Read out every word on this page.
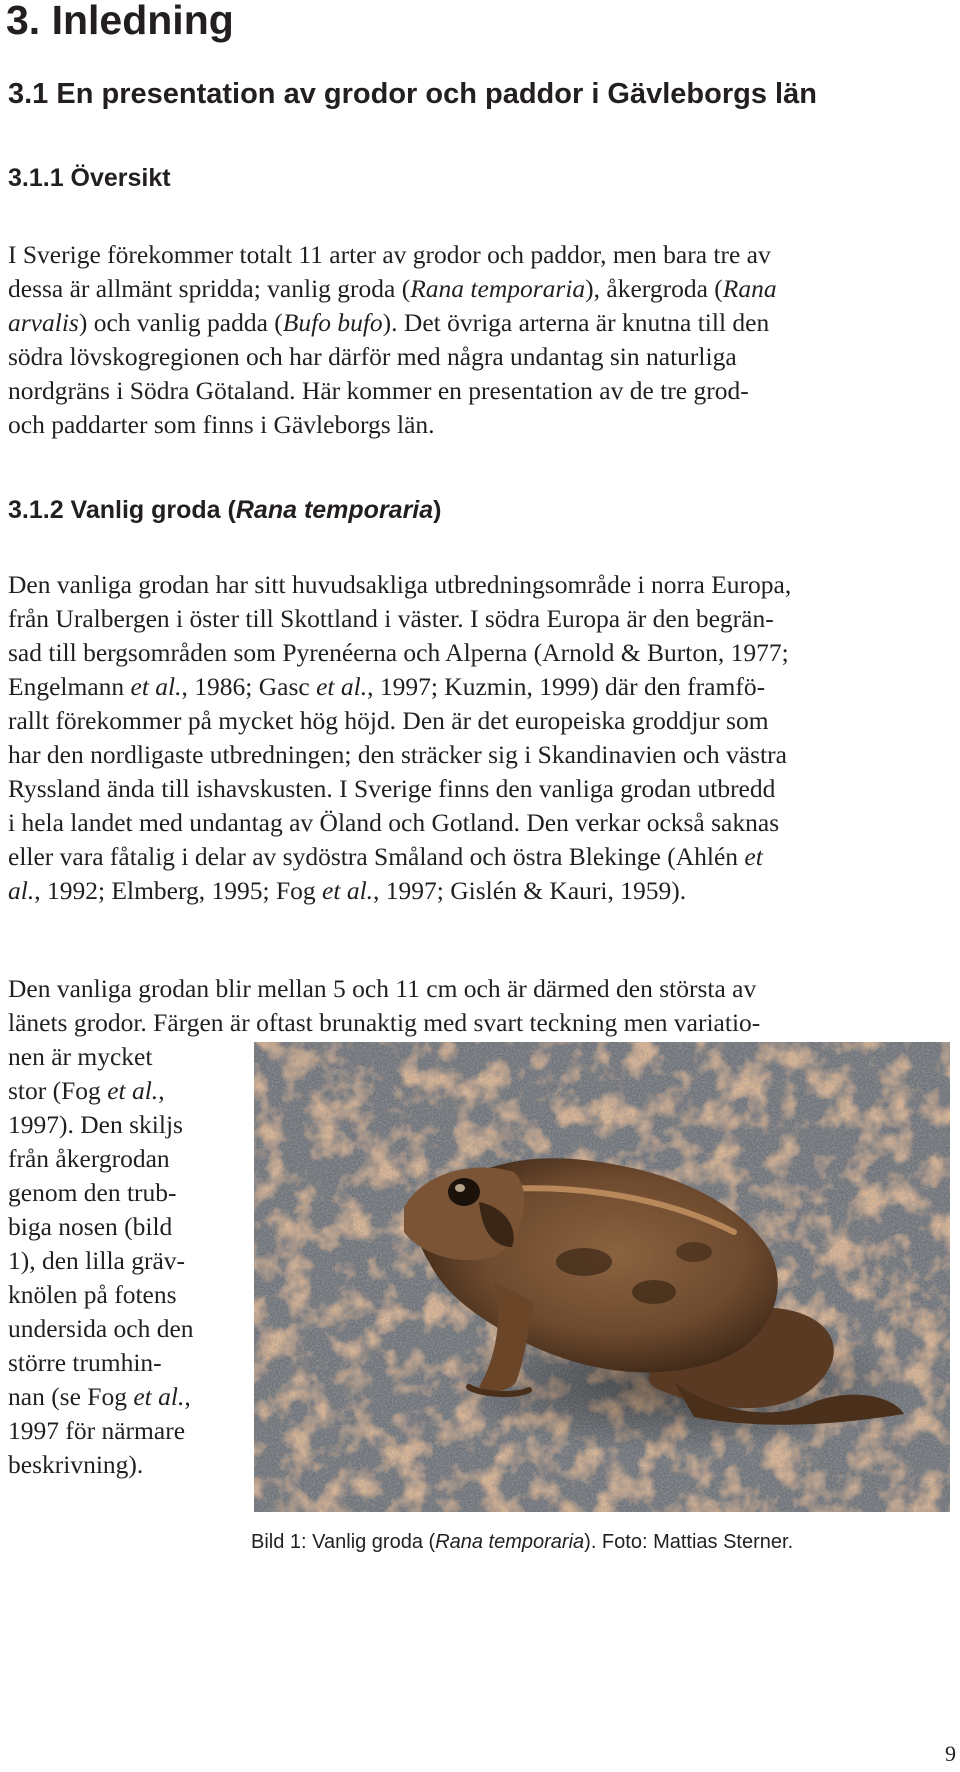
3. Inledning
3.1 En presentation av grodor och paddor i Gävleborgs län
3.1.1 Översikt
I Sverige förekommer totalt 11 arter av grodor och paddor, men bara tre av
dessa är allmänt spridda; vanlig groda (Rana temporaria), åkergroda (Rana
arvalis) och vanlig padda (Bufo bufo). Det övriga arterna är knutna till den
södra lövskogregionen och har därför med några undantag sin naturliga
nordgräns i Södra Götaland. Här kommer en presentation av de tre grod-
och paddarter som finns i Gävleborgs län.
3.1.2 Vanlig groda (Rana temporaria)
Den vanliga grodan har sitt huvudsakliga utbredningsområde i norra Europa,
från Uralbergen i öster till Skottland i väster. I södra Europa är den begrän-
sad till bergsområden som Pyrenéerna och Alperna (Arnold & Burton, 1977;
Engelmann et al., 1986; Gasc et al., 1997; Kuzmin, 1999) där den framfö-
rallt förekommer på mycket hög höjd. Den är det europeiska groddjur som
har den nordligaste utbredningen; den sträcker sig i Skandinavien och västra
Ryssland ända till ishavskusten. I Sverige finns den vanliga grodan utbredd
i hela landet med undantag av Öland och Gotland. Den verkar också saknas
eller vara fåtalig i delar av sydöstra Småland och östra Blekinge (Ahlén et
al., 1992; Elmberg, 1995; Fog et al., 1997; Gislén & Kauri, 1959).
Den vanliga grodan blir mellan 5 och 11 cm och är därmed den största av
länets grodor. Färgen är oftast brunaktig med svart teckning men variatio-
nen är mycket
stor (Fog et al.,
1997). Den skiljs
från åkergrodan
genom den trub-
biga nosen (bild
1), den lilla gräv-
knölen på fotens
undersida och den
större trumhin-
nan (se Fog et al.,
1997 för närmare
beskrivning).
Bild 1: Vanlig groda (Rana temporaria). Foto: Mattias Sterner.
9
